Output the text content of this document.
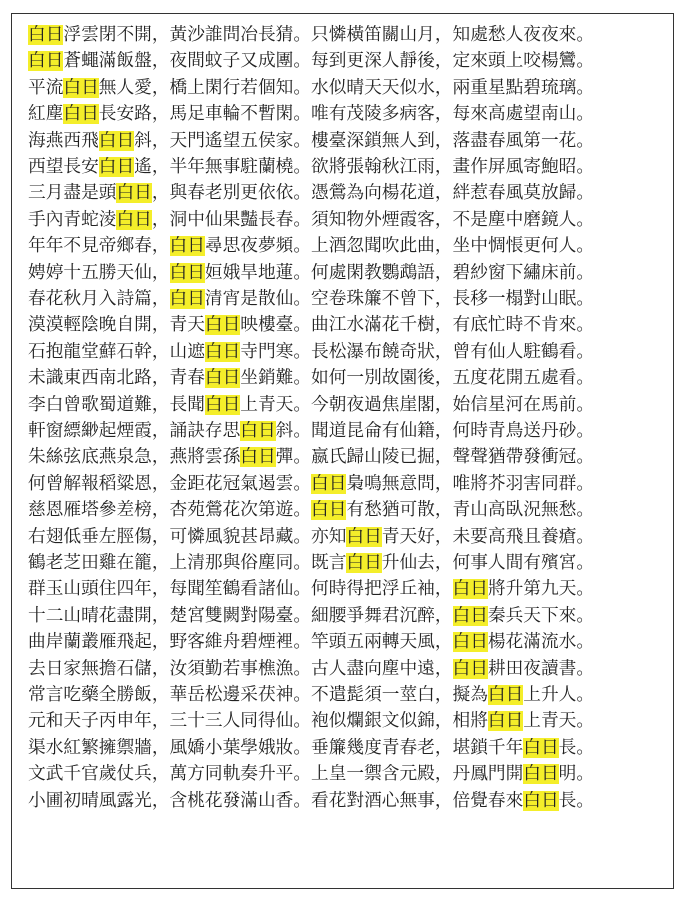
白日浮雲閉不開，黃沙誰問冶長猜。只憐橫笛關山月，知處愁人夜夜來。
白日蒼蠅滿飯盤，夜間蚊子又成團。每到更深人靜後，定來頭上咬楊鸞。
平流白日無人愛，橋上閑行若個知。水似晴天天似水，兩重星點碧琉璃。
紅塵白日長安路，馬足車輪不暫閑。唯有茂陵多病客，每來高處望南山。
海燕西飛白日斜，天門遙望五侯家。樓臺深鎖無人到，落盡春風第一花。
西望長安白日遙，半年無事駐蘭橈。欲將張翰秋江雨，畫作屏風寄鮑昭。
三月盡是頭白日，與春老別更依依。憑鶯為向楊花道，絆惹春風莫放歸。
手內青蛇淩白日，洞中仙果豔長春。須知物外煙霞客，不是塵中磨鏡人。
年年不見帝鄉春，白日尋思夜夢頻。上酒忽聞吹此曲，坐中惆悵更何人。
娉婷十五勝天仙，白日姮娥旱地蓮。何處閑教鸚鵡語，碧紗窗下繡床前。
春花秋月入詩篇，白日清宵是散仙。空卷珠簾不曾下，長移一榻對山眠。
漠漠輕陰晚自開，青天白日映樓臺。曲江水滿花千樹，有底忙時不肯來。
石抱龍堂蘚石幹，山遮白日寺門寒。長松瀑布饒奇狀，曾有仙人駐鶴看。
未識東西南北路，青春白日坐銷難。如何一別故園後，五度花開五處看。
李白曾歌蜀道難，長聞白日上青天。今朝夜過焦崖閣，始信星河在馬前。
軒窗縹緲起煙霞，誦訣存思白日斜。聞道昆侖有仙籍，何時青鳥送丹砂。
朱絲弦底燕泉急，燕將雲孫白日彈。嬴氏歸山陵已掘，聲聲猶帶發衝冠。
何曾解報稻粱恩，金距花冠氣遏雲。白日梟鳴無意問，唯將芥羽害同群。
慈恩雁塔參差榜，杏苑鶯花次第遊。白日有愁猶可散，青山高臥況無愁。
右翅低垂左脛傷，可憐風貌甚昂藏。亦知白日青天好，未要高飛且養瘡。
鶴老芝田雞在籠，上清那與俗塵同。既言白日升仙去，何事人間有殯宮。
群玉山頭住四年，每聞笙鶴看諸仙。何時得把浮丘袖，白日將升第九天。
十二山晴花盡開，楚宮雙闕對陽臺。細腰爭舞君沉醉，白日秦兵天下來。
曲岸蘭叢雁飛起，野客維舟碧煙裡。竿頭五兩轉天風，白日楊花滿流水。
去日家無擔石儲，汝須勤若事樵漁。古人盡向塵中遠，白日耕田夜讀書。
常言吃藥全勝飯，華岳松邊采茯神。不遣髭須一莖白，擬為白日上升人。
元和天子丙申年，三十三人同得仙。袍似爛銀文似錦，相將白日上青天。
渠水紅繁擁禦牆，風嬌小葉學娥妝。垂簾幾度青春老，堪鎖千年白日長。
文武千官歲仗兵，萬方同軌奏升平。上皇一禦含元殿，丹鳳門開白日明。
小圃初晴風露光，含桃花發滿山香。看花對酒心無事，倍覺春來白日長。
